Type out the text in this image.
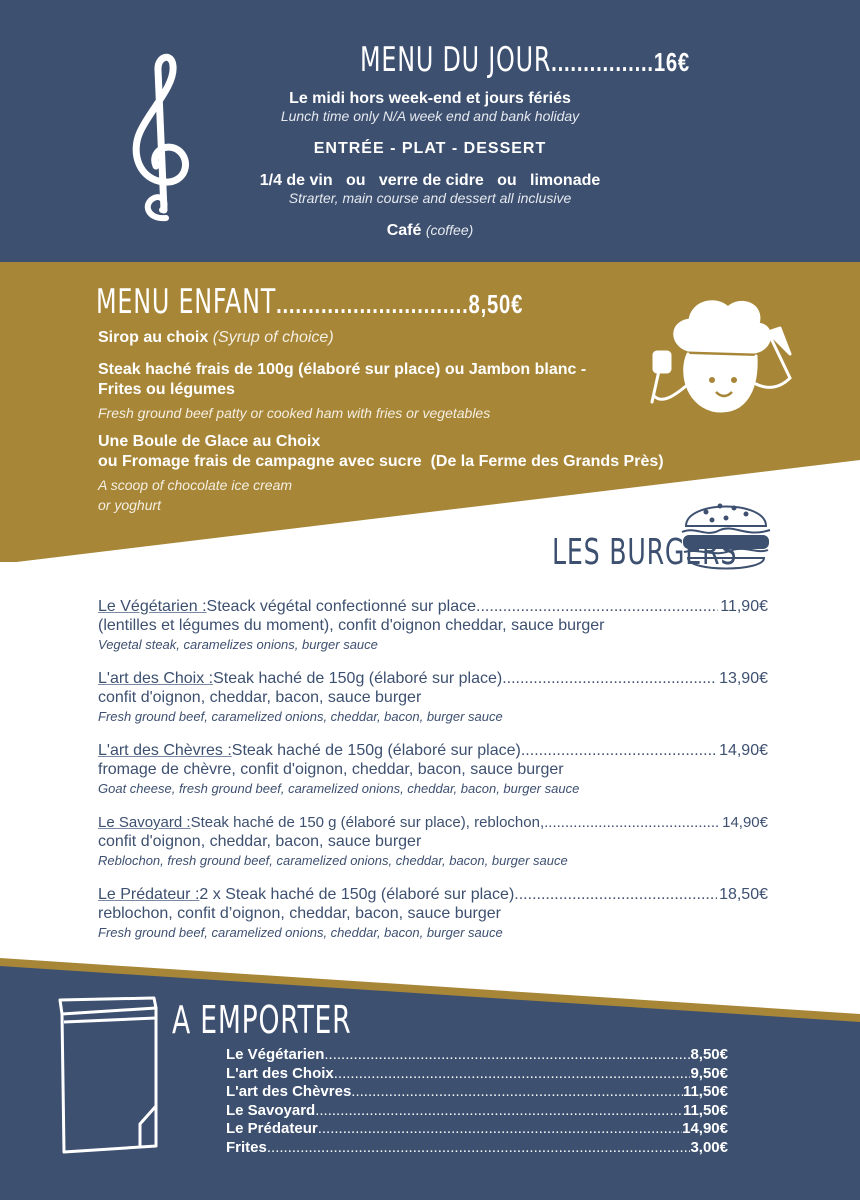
MENU DU JOUR................16€
Le midi hors week-end et jours fériés
Lunch time only N/A week end and bank holiday
ENTRÉE - PLAT - DESSERT
1/4 de vin   ou   verre de cidre   ou   limonade
Strarter, main course and dessert all inclusive
Café (coffee)
MENU ENFANT..............................8,50€
Sirop au choix (Syrup of choice)
Steak haché frais de 100g (élaboré sur place) ou Jambon blanc -
Frites ou légumes
Fresh ground beef patty or cooked ham with fries or vegetables
Une Boule de Glace au Choix
ou Fromage frais de campagne avec sucre  (De la Ferme des Grands Près)
A scoop of chocolate ice cream
or yoghurt
LES BURGERS
Le Végétarien : Steack végétal confectionné sur place .....	11,90€
(lentilles et légumes du moment), confit d'oignon cheddar, sauce burger
Vegetal steak, caramelizes onions, burger sauce
L'art des Choix : Steak haché de 150g (élaboré sur place) .....	13,90€
confit d'oignon, cheddar, bacon, sauce burger
Fresh ground beef, caramelized onions, cheddar, bacon, burger sauce
L'art des Chèvres : Steak haché de 150g (élaboré sur place) .....	14,90€
fromage de chèvre, confit d'oignon, cheddar, bacon, sauce burger
Goat cheese, fresh ground beef, caramelized onions, cheddar, bacon, burger sauce
Le Savoyard : Steak haché de 150 g (élaboré sur place), reblochon, .....	14,90€
confit d'oignon, cheddar, bacon, sauce burger
Reblochon, fresh ground beef, caramelized onions, cheddar, bacon, burger sauce
Le Prédateur : 2 x Steak haché de 150g (élaboré sur place) .....	18,50€
reblochon, confit d’oignon, cheddar, bacon, sauce burger
Fresh ground beef, caramelized onions, cheddar, bacon, burger sauce
A EMPORTER
Le Végétarien .....	8,50€
L'art des Choix .....	9,50€
L'art des Chèvres .....	11,50€
Le Savoyard .....	11,50€
Le Prédateur .....	14,90€
Frites .....	3,00€
